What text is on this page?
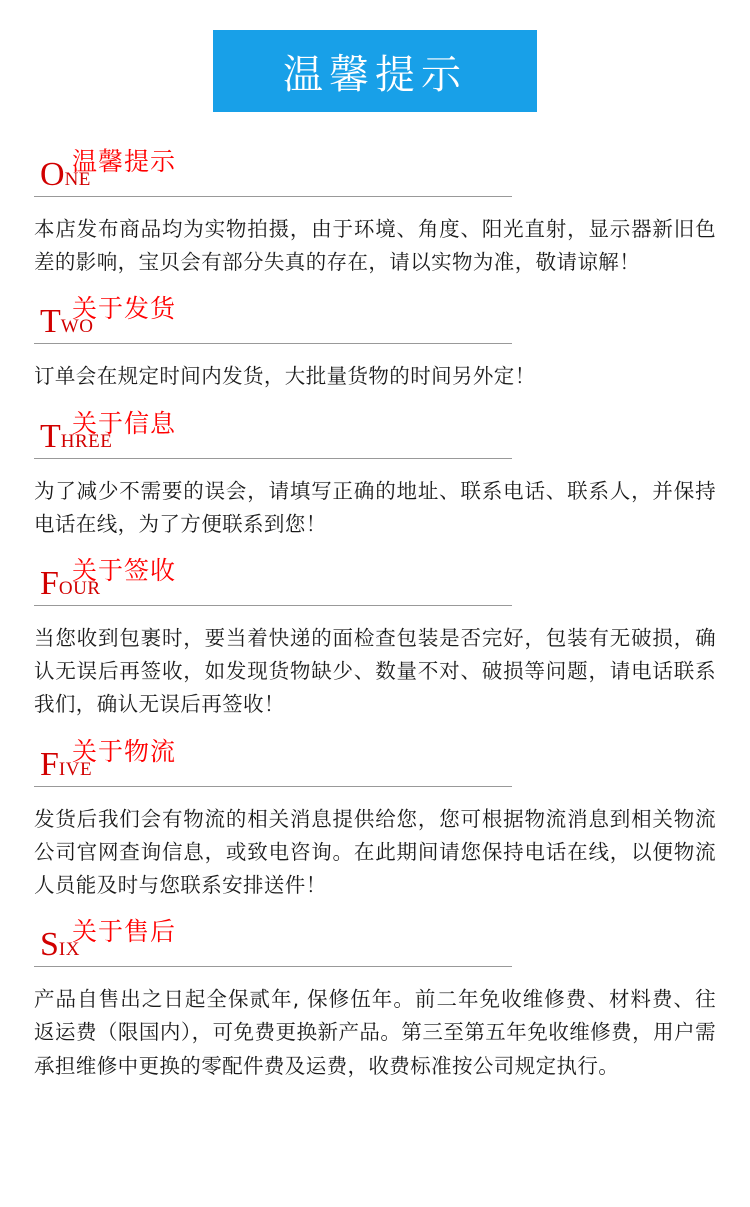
温馨提示
ONE
温馨提示
本店发布商品均为实物拍摄，由于环境、角度、阳光直射，显示器新旧色差的影响，宝贝会有部分失真的存在，请以实物为准，敬请谅解！
TWO
关于发货
订单会在规定时间内发货，大批量货物的时间另外定！
THREE
关于信息
为了减少不需要的误会，请填写正确的地址、联系电话、联系人，并保持电话在线，为了方便联系到您！
FOUR
关于签收
当您收到包裹时，要当着快递的面检查包装是否完好，包装有无破损，确认无误后再签收，如发现货物缺少、数量不对、破损等问题，请电话联系我们，确认无误后再签收！
FIVE
关于物流
发货后我们会有物流的相关消息提供给您，您可根据物流消息到相关物流公司官网查询信息，或致电咨询。在此期间请您保持电话在线，以便物流人员能及时与您联系安排送件！
SIX
关于售后
产品自售出之日起全保贰年, 保修伍年。前二年免收维修费、材料费、往返运费（限国内），可免费更换新产品。第三至第五年免收维修费，用户需承担维修中更换的零配件费及运费，收费标准按公司规定执行。
